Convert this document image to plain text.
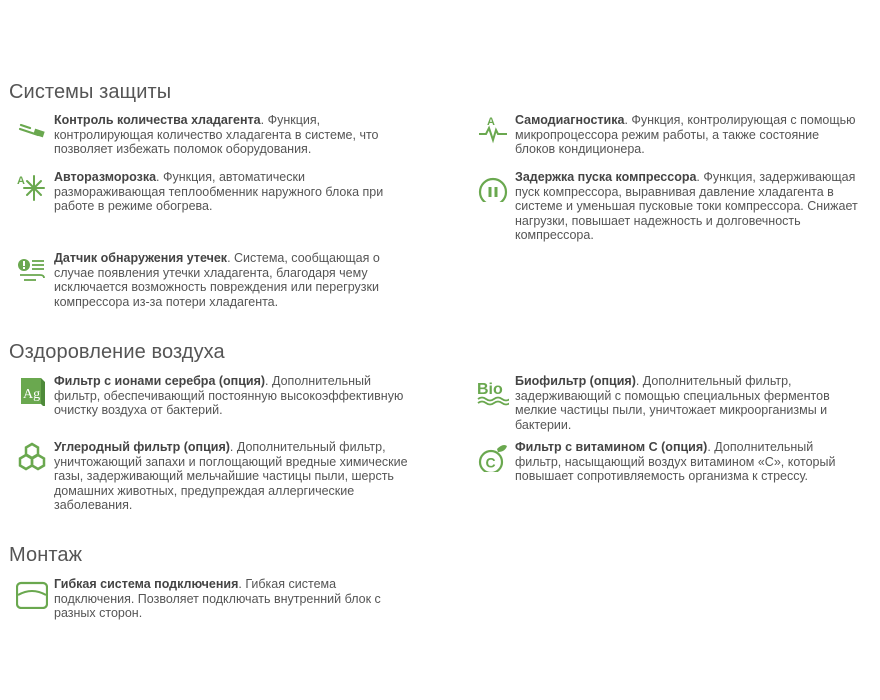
Системы защиты
Контроль количества хладагента. Функция, контролирующая количество хладагента в системе, что позволяет избежать поломок оборудования.
A Самодиагностика. Функция, контролирующая с помощью микропроцессора режим работы, а также состояние блоков кондиционера.
A Авторазморозка. Функция, автоматически размораживающая теплообменник наружного блока при работе в режиме обогрева.
Задержка пуска компрессора. Функция, задерживающая пуск компрессора, выравнивая давление хладагента в системе и уменьшая пусковые токи компрессора. Снижает нагрузки, повышает надежность и долговечность компрессора.
Датчик обнаружения утечек. Система, сообщающая о случае появления утечки хладагента, благодаря чему исключается возможность повреждения или перегрузки компрессора из-за потери хладагента.
Оздоровление воздуха
Ag
Фильтр с ионами серебра (опция). Дополнительный фильтр, обеспечивающий постоянную высокоэффективную очистку воздуха от бактерий.
Bio Биофильтр (опция). Дополнительный фильтр, задерживающий с помощью специальных ферментов мелкие частицы пыли, уничтожает микроорганизмы и бактерии.
Углеродный фильтр (опция). Дополнительный фильтр, уничтожающий запахи и поглощающий вредные химические газы, задерживающий мельчайшие частицы пыли, шерсть домашних животных, предупреждая аллергические заболевания.
C
Фильтр с витамином С (опция). Дополнительный фильтр, насыщающий воздух витамином «С», который повышает сопротивляемость организма к стрессу.
Монтаж
Гибкая система подключения. Гибкая система подключения. Позволяет подключать внутренний блок с разных сторон.
